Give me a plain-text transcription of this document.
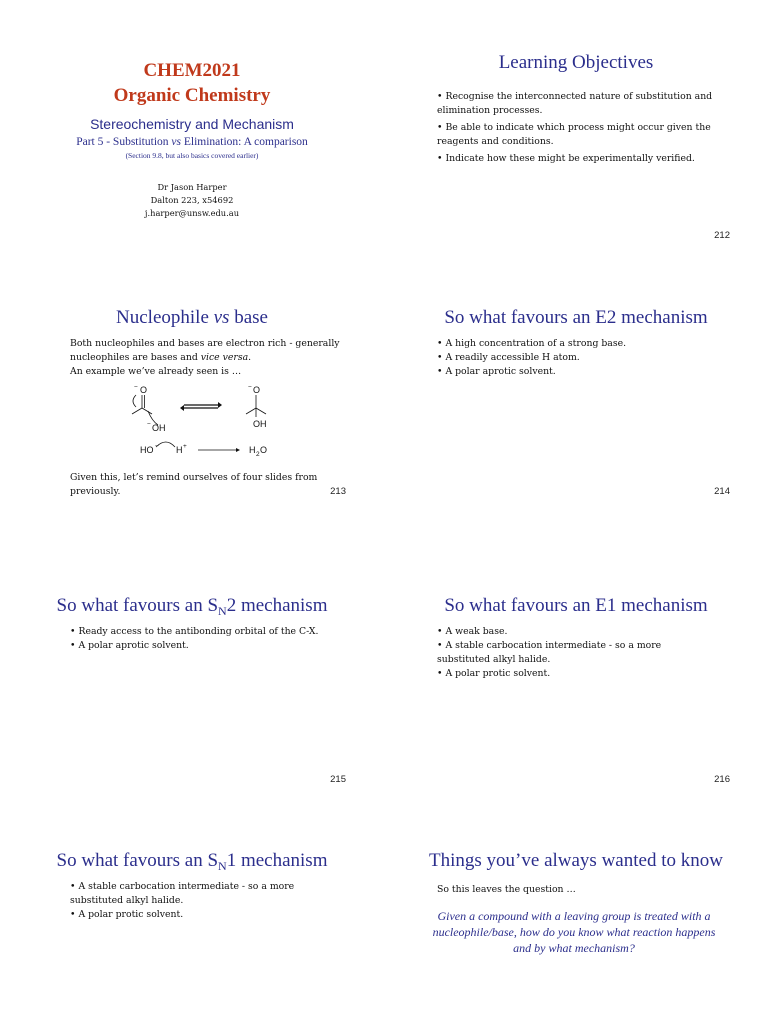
CHEM2021
Organic Chemistry
Stereochemistry and Mechanism
Part 5 - Substitution vs Elimination: A comparison
(Section 9.8, but also basics covered earlier)
Dr Jason Harper
Dalton 223, x54692
j.harper@unsw.edu.au
Learning Objectives
• Recognise the interconnected nature of substitution and elimination processes.
• Be able to indicate which process might occur given the reagents and conditions.
• Indicate how these might be experimentally verified.
212
Nucleophile vs base
Both nucleophiles and bases are electron rich - generally
nucleophiles are bases and vice versa.
An example we’ve already seen is …
O
−
OH
−
− O
OH
HO − H +	H 2 O
Given this, let’s remind ourselves of four slides from
previously.	213
So what favours an E2 mechanism
• A high concentration of a strong base.
• A readily accessible H atom.
• A polar aprotic solvent.
214
So what favours an $S_N2$ mechanism
• Ready access to the antibonding orbital of the C-X.
• A polar aprotic solvent.
215
So what favours an E1 mechanism
• A weak base.
• A stable carbocation intermediate - so a more substituted alkyl halide.
• A polar protic solvent.
216
So what favours an $S_N1$ mechanism
• A stable carbocation intermediate - so a more substituted alkyl halide.
• A polar protic solvent.
Things you’ve always wanted to know
So this leaves the question …
Given a compound with a leaving group is treated with a nucleophile/base, how do you know what reaction happens and by what mechanism?
